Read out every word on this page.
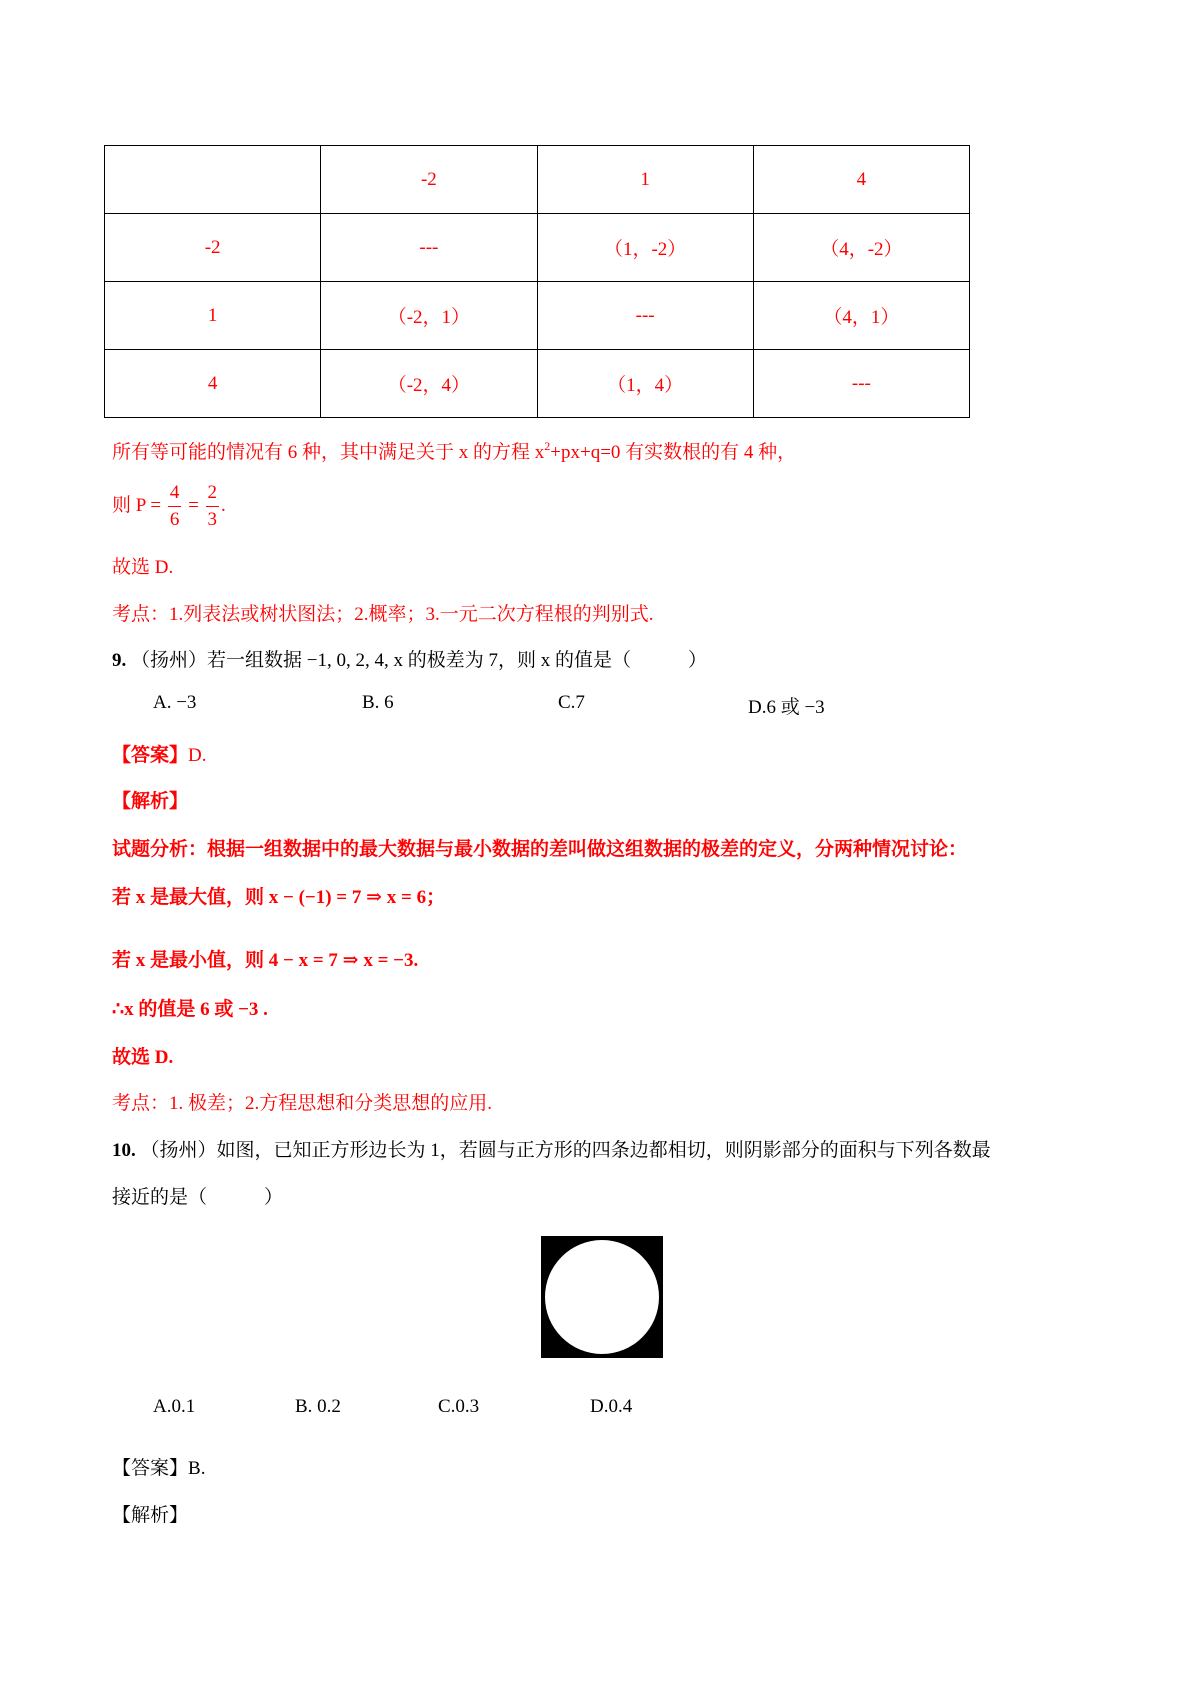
	-2	1	4
-2	---	（1，-2）	（4，-2）
1	（-2，1）	---	（4，1）
4	（-2，4）	（1，4）	---
所有等可能的情况有 6 种，其中满足关于 x 的方程 $x^2+px+q=0$ 有实数根的有 4 种，
则 $P = \frac{4}{6} = \frac{2}{3}$ .
故选 D.
考点：1.列表法或树状图法；2.概率；3.一元二次方程根的判别式.
9. （扬州）若一组数据 −1, 0, 2, 4, x 的极差为 7，则 x 的值是（　　　）
A. −3	B. 6	C.7	D.6 或 −3
【答案】D.
【解析】
试题分析：根据一组数据中的最大数据与最小数据的差叫做这组数据的极差的定义，分两种情况讨论：
若 x 是最大值，则 x − (−1) = 7 ⇒ x = 6；
若 x 是最小值，则 4 − x = 7 ⇒ x = −3.
∴x 的值是 6 或 −3 .
故选 D.
考点：1. 极差；2.方程思想和分类思想的应用.
10. （扬州）如图，已知正方形边长为 1，若圆与正方形的四条边都相切，则阴影部分的面积与下列各数最
接近的是（　　　）
A.0.1	B. 0.2	C.0.3	D.0.4
【答案】B.
【解析】
